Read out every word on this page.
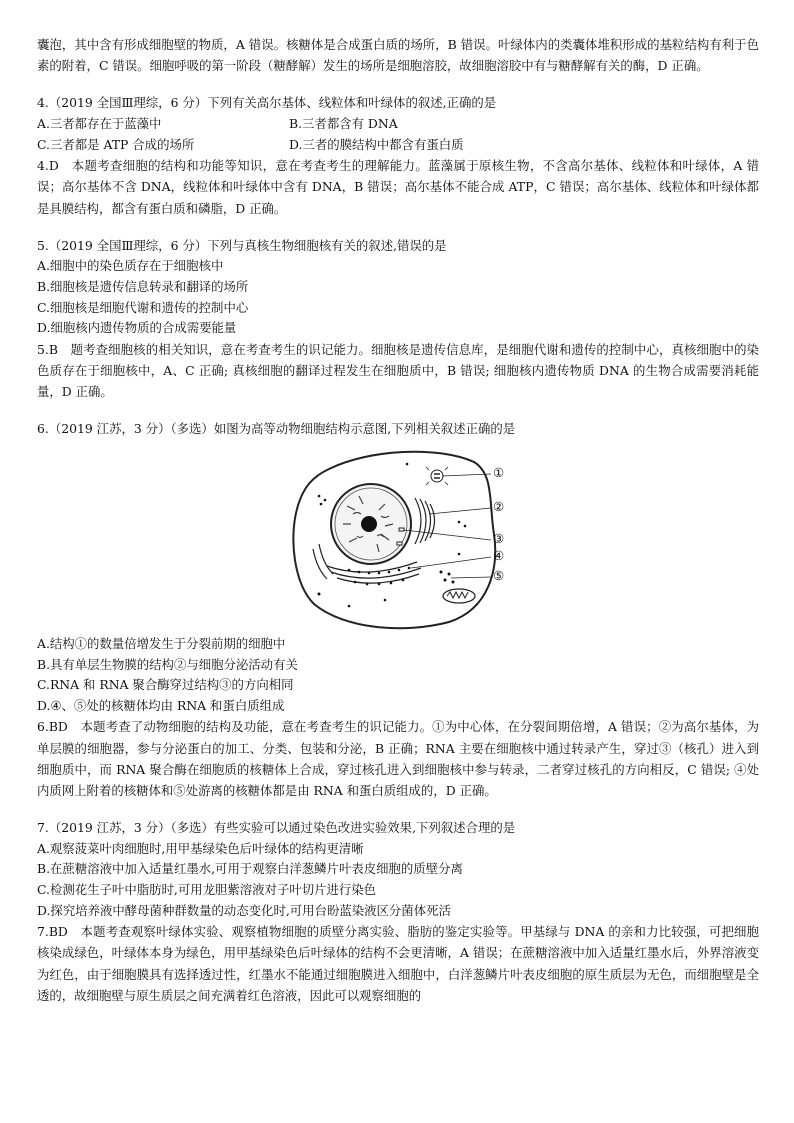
囊泡，其中含有形成细胞壁的物质，A 错误。核糖体是合成蛋白质的场所，B 错误。叶绿体内的类囊体堆积形成的基粒结构有利于色素的附着，C 错误。细胞呼吸的第一阶段（糖酵解）发生的场所是细胞溶胶，故细胞溶胶中有与糖酵解有关的酶，D 正确。

4.（2019 全国Ⅲ理综，6 分）下列有关高尔基体、线粒体和叶绿体的叙述,正确的是

A.三者都存在于蓝藻中	B.三者都含有 DNA
C.三者都是 ATP 合成的场所	D.三者的膜结构中都含有蛋白质

4.D　本题考查细胞的结构和功能等知识，意在考查考生的理解能力。蓝藻属于原核生物，不含高尔基体、线粒体和叶绿体，A 错误；高尔基体不含 DNA，线粒体和叶绿体中含有 DNA，B 错误；高尔基体不能合成 ATP，C 错误；高尔基体、线粒体和叶绿体都是具膜结构，都含有蛋白质和磷脂，D 正确。

5.（2019 全国Ⅲ理综，6 分）下列与真核生物细胞核有关的叙述,错误的是

A.细胞中的染色质存在于细胞核中

B.细胞核是遗传信息转录和翻译的场所

C.细胞核是细胞代谢和遗传的控制中心

D.细胞核内遗传物质的合成需要能量

5.B　题考查细胞核的相关知识，意在考查考生的识记能力。细胞核是遗传信息库，是细胞代谢和遗传的控制中心，真核细胞中的染色质存在于细胞核中，A、C 正确; 真核细胞的翻译过程发生在细胞质中，B 错误; 细胞核内遗传物质 DNA 的生物合成需要消耗能量，D 正确。

6.（2019 江苏，3 分）（多选）如图为高等动物细胞结构示意图,下列相关叙述正确的是

①
②
③
④
⑤

A.结构①的数量倍增发生于分裂前期的细胞中

B.具有单层生物膜的结构②与细胞分泌活动有关

C.RNA 和 RNA 聚合酶穿过结构③的方向相同

D.④、⑤处的核糖体均由 RNA 和蛋白质组成

6.BD　本题考查了动物细胞的结构及功能，意在考查考生的识记能力。①为中心体，在分裂间期倍增，A 错误；②为高尔基体，为单层膜的细胞器，参与分泌蛋白的加工、分类、包装和分泌，B 正确；RNA 主要在细胞核中通过转录产生，穿过③（核孔）进入到细胞质中，而 RNA 聚合酶在细胞质的核糖体上合成，穿过核孔进入到细胞核中参与转录，二者穿过核孔的方向相反，C 错误; ④处内质网上附着的核糖体和⑤处游离的核糖体都是由 RNA 和蛋白质组成的，D 正确。

7.（2019 江苏，3 分）（多选）有些实验可以通过染色改进实验效果,下列叙述合理的是

A.观察菠菜叶肉细胞时,用甲基绿染色后叶绿体的结构更清晰

B.在蔗糖溶液中加入适量红墨水,可用于观察白洋葱鳞片叶表皮细胞的质壁分离

C.检测花生子叶中脂肪时,可用龙胆紫溶液对子叶切片进行染色

D.探究培养液中酵母菌种群数量的动态变化时,可用台盼蓝染液区分菌体死活

7.BD　本题考查观察叶绿体实验、观察植物细胞的质壁分离实验、脂肪的鉴定实验等。甲基绿与 DNA 的亲和力比较强，可把细胞核染成绿色，叶绿体本身为绿色，用甲基绿染色后叶绿体的结构不会更清晰，A 错误；在蔗糖溶液中加入适量红墨水后，外界溶液变为红色，由于细胞膜具有选择透过性，红墨水不能通过细胞膜进入细胞中，白洋葱鳞片叶表皮细胞的原生质层为无色，而细胞壁是全透的，故细胞壁与原生质层之间充满着红色溶液，因此可以观察细胞的
